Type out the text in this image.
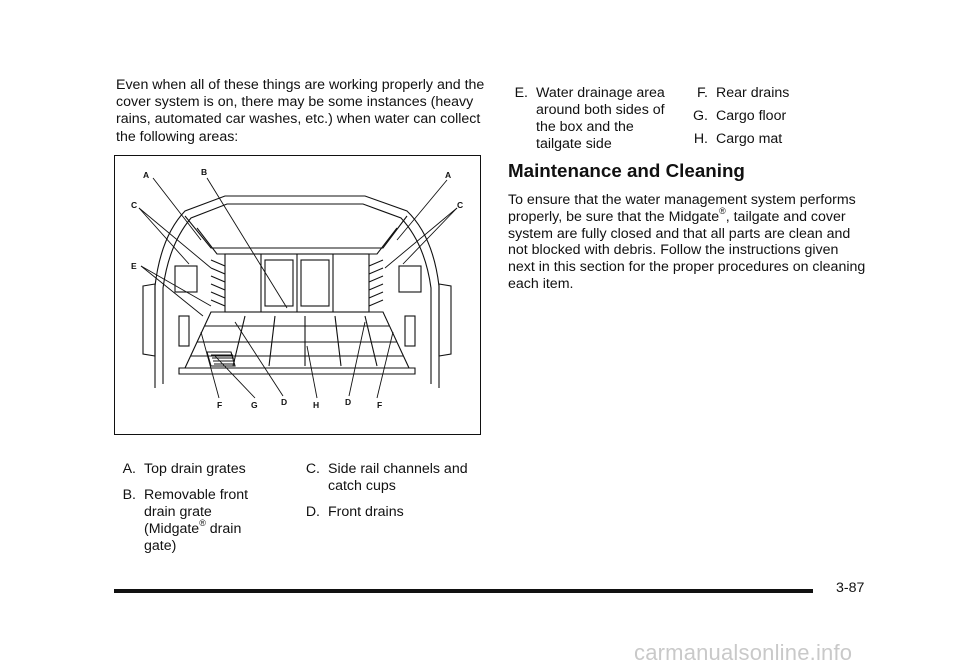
Even when all of these things are working properly and the cover system is on, there may be some instances (heavy rains, automated car washes, etc.) when water can collect the following areas:

A	B	A
C	C
E
F	G	D	H	D	F
A. Top drain grates
B. Removable front drain grate (Midgate® drain gate)
C. Side rail channels and catch cups
D. Front drains
E. Water drainage area around both sides of the box and the tailgate side
F. Rear drains
G. Cargo floor
H. Cargo mat
Maintenance and Cleaning

To ensure that the water management system performs properly, be sure that the Midgate®, tailgate and cover system are fully closed and that all parts are clean and not blocked with debris. Follow the instructions given next in this section for the proper procedures on cleaning each item.

3-87
carmanualsonline.info
